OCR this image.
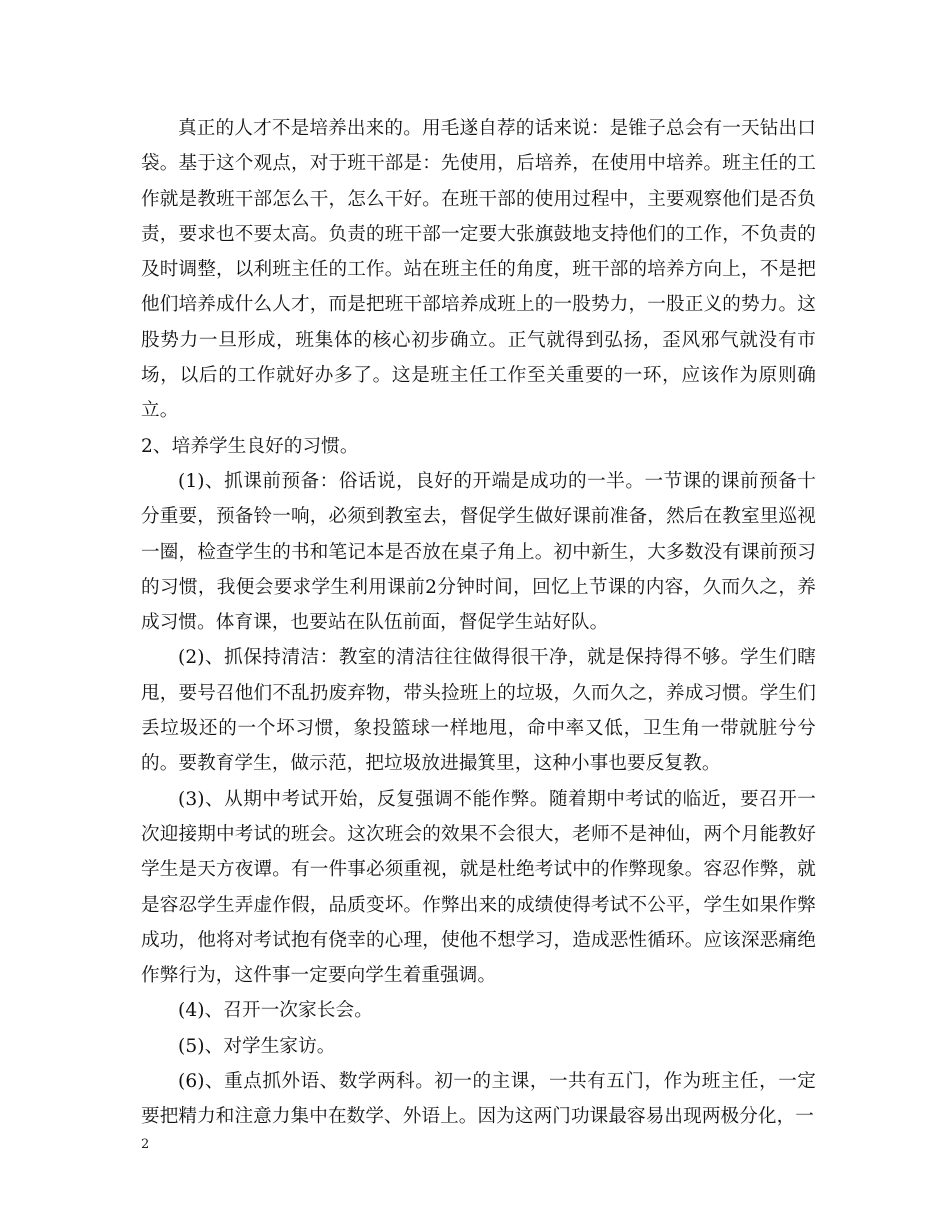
真正的人才不是培养出来的。用毛遂自荐的话来说：是锥子总会有一天钻出口袋。基于这个观点，对于班干部是：先使用，后培养，在使用中培养。班主任的工作就是教班干部怎么干，怎么干好。在班干部的使用过程中，主要观察他们是否负责，要求也不要太高。负责的班干部一定要大张旗鼓地支持他们的工作，不负责的及时调整，以利班主任的工作。站在班主任的角度，班干部的培养方向上，不是把他们培养成什么人才，而是把班干部培养成班上的一股势力，一股正义的势力。这股势力一旦形成，班集体的核心初步确立。正气就得到弘扬，歪风邪气就没有市场，以后的工作就好办多了。这是班主任工作至关重要的一环，应该作为原则确立。

2、培养学生良好的习惯。

(1)、抓课前预备：俗话说，良好的开端是成功的一半。一节课的课前预备十分重要，预备铃一响，必须到教室去，督促学生做好课前准备，然后在教室里巡视一圈，检查学生的书和笔记本是否放在桌子角上。初中新生，大多数没有课前预习的习惯，我便会要求学生利用课前2分钟时间，回忆上节课的内容，久而久之，养成习惯。体育课，也要站在队伍前面，督促学生站好队。

(2)、抓保持清洁：教室的清洁往往做得很干净，就是保持得不够。学生们瞎甩，要号召他们不乱扔废弃物，带头捡班上的垃圾，久而久之，养成习惯。学生们丢垃圾还的一个坏习惯，象投篮球一样地甩，命中率又低，卫生角一带就脏兮兮的。要教育学生，做示范，把垃圾放进撮箕里，这种小事也要反复教。

(3)、从期中考试开始，反复强调不能作弊。随着期中考试的临近，要召开一次迎接期中考试的班会。这次班会的效果不会很大，老师不是神仙，两个月能教好学生是天方夜谭。有一件事必须重视，就是杜绝考试中的作弊现象。容忍作弊，就是容忍学生弄虚作假，品质变坏。作弊出来的成绩使得考试不公平，学生如果作弊成功，他将对考试抱有侥幸的心理，使他不想学习，造成恶性循环。应该深恶痛绝作弊行为，这件事一定要向学生着重强调。

(4)、召开一次家长会。

(5)、对学生家访。

(6)、重点抓外语、数学两科。初一的主课，一共有五门，作为班主任，一定要把精力和注意力集中在数学、外语上。因为这两门功课最容易出现两极分化，一

2
